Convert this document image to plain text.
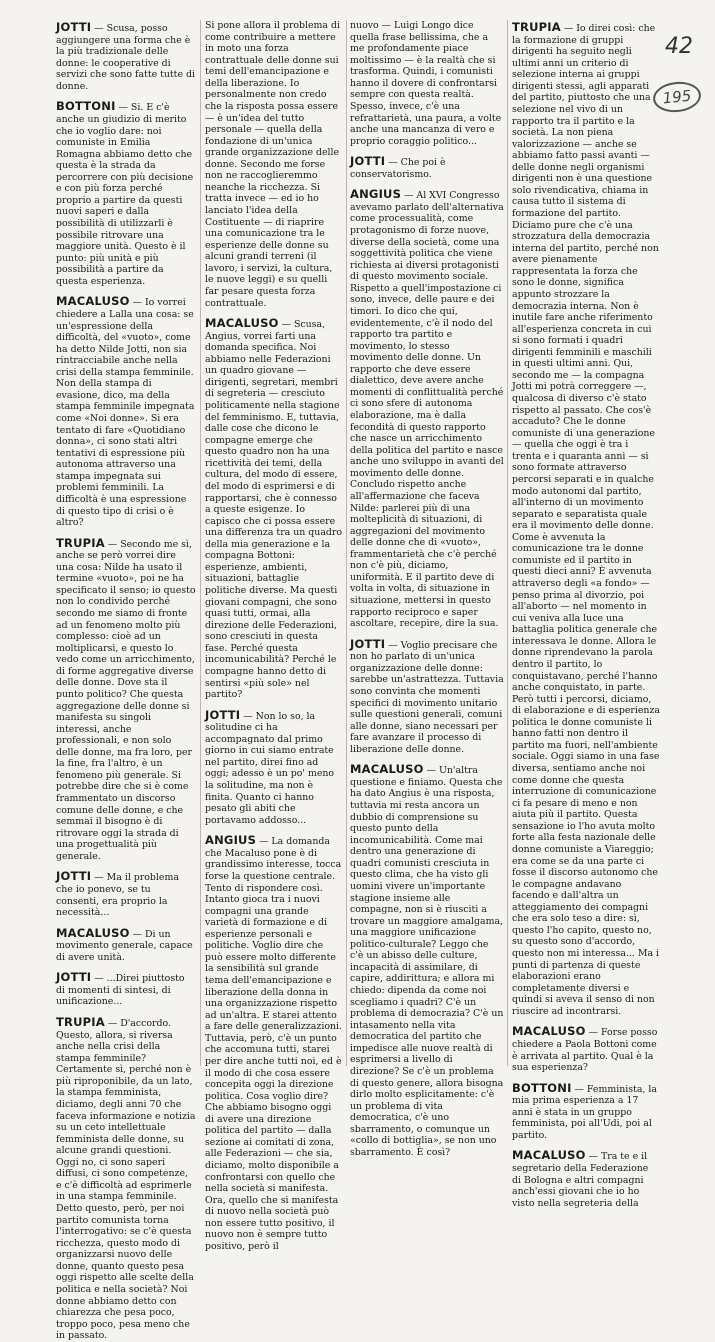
42
195

JOTTI — Scusa, posso aggiungere una forma che è la più tradizionale delle donne: le cooperative di servizi che sono fatte tutte di donne.

BOTTONI — Si. E c'è anche un giudizio di merito che io voglio dare: noi comuniste in Emilia Romagna abbiamo detto che questa è la strada da percorrere con più decisione e con più forza perché proprio a partire da questi nuovi saperi e dalla possibilità di utilizzarli è possibile ritrovare una maggiore unità. Questo è il punto: più unità e più possibilità a partire da questa esperienza.

MACALUSO — Io vorrei chiedere a Lalla una cosa: se un'espressione della difficoltà, del «vuoto», come ha detto Nilde Jotti, non sia rintracciabile anche nella crisi della stampa femminile. Non della stampa di evasione, dico, ma della stampa femminile impegnata come «Noi donne». Si era tentato di fare «Quotidiano donna», ci sono stati altri tentativi di espressione più autonoma attraverso una stampa impegnata sui problemi femminili. La difficoltà è una espressione di questo tipo di crisi o è altro?

TRUPIA — Secondo me sì, anche se però vorrei dire una cosa: Nilde ha usato il termine «vuoto», poi ne ha specificato il senso; io questo non lo condivido perché secondo me siamo di fronte ad un fenomeno molto più complesso: cioè ad un moltiplicarsi, e questo lo vedo come un arricchimento, di forme aggregative diverse delle donne. Dove sta il punto politico? Che questa aggregazione delle donne si manifesta su singoli interessi, anche professionali, e non solo delle donne, ma fra loro, per la fine, fra l'altro, è un fenomeno più generale. Si potrebbe dire che si è come frammentato un discorso comune delle donne, e che semmai il bisogno è di ritrovare oggi la strada di una progettualità più generale.

JOTTI — Ma il problema che io ponevo, se tu consenti, era proprio la necessità...

MACALUSO — Di un movimento generale, capace di avere unità.

JOTTI — ...Direi piuttosto di momenti di sintesi, di unificazione...

TRUPIA — D'accordo. Questo, allora, si riversa anche nella crisi della stampa femminile? Certamente sì, perché non è più riproponibile, da un lato, la stampa femminista, diciamo, degli anni 70 che faceva informazione e notizia su un ceto intellettuale femminista delle donne, su alcune grandi questioni. Oggi no, ci sono saperi diffusi, ci sono competenze, e c'è difficoltà ad esprimerle in una stampa femminile. Detto questo, però, per noi partito comunista torna l'interrogativo: se c'è questa ricchezza, questo modo di organizzarsi nuovo delle donne, quanto questo pesa oggi rispetto alle scelte della politica e nella società? Noi donne abbiamo detto con chiarezza che pesa poco, troppo poco, pesa meno che in passato.

Si pone allora il problema di come contribuire a mettere in moto una forza contrattuale delle donne sui temi dell'emancipazione e della liberazione. Io personalmente non credo che la risposta possa essere — è un'idea del tutto personale — quella della fondazione di un'unica grande organizzazione delle donne. Secondo me forse non ne raccoglieremmo neanche la ricchezza. Si tratta invece — ed io ho lanciato l'idea della Costituente — di riaprire una comunicazione tra le esperienze delle donne su alcuni grandi terreni (il lavoro, i servizi, la cultura, le nuove leggi) e su quelli far pesare questa forza contrattuale.

MACALUSO — Scusa, Angius, vorrei farti una domanda specifica. Noi abbiamo nelle Federazioni un quadro giovane — dirigenti, segretari, membri di segreteria — cresciuto politicamente nella stagione del femminismo. E, tuttavia, dalle cose che dicono le compagne emerge che questo quadro non ha una ricettività dei temi, della cultura, del modo di essere, del modo di esprimersi e di rapportarsi, che è connesso a queste esigenze. Io capisco che ci possa essere una differenza tra un quadro della mia generazione e la compagna Bottoni: esperienze, ambienti, situazioni, battaglie politiche diverse. Ma questi giovani compagni, che sono quasi tutti, ormai, alla direzione delle Federazioni, sono cresciuti in questa fase. Perché questa incomunicabilità? Perché le compagne hanno detto di sentirsi «più sole» nel partito?

JOTTI — Non lo so, la solitudine ci ha accompagnato dal primo giorno in cui siamo entrate nel partito, direi fino ad oggi; adesso è un po' meno la solitudine, ma non è finita. Quanto ci hanno pesato gli abiti che portavamo addosso...

ANGIUS — La domanda che Macaluso pone è di grandissimo interesse, tocca forse la questione centrale. Tento di rispondere così. Intanto gioca tra i nuovi compagni una grande varietà di formazione e di esperienze personali e politiche. Voglio dire che può essere molto differente la sensibilità sul grande tema dell'emancipazione e liberazione della donna in una organizzazione rispetto ad un'altra. E starei attento a fare delle generalizzazioni. Tuttavia, però, c'è un punto che accomuna tutti, starei per dire anche tutti noi, ed è il modo di che cosa essere concepita oggi la direzione politica. Cosa voglio dire? Che abbiamo bisogno oggi di avere una direzione politica del partito — dalla sezione ai comitati di zona, alle Federazioni — che sia, diciamo, molto disponibile a confrontarsi con quello che nella società si manifesta. Ora, quello che si manifesta di nuovo nella società può non essere tutto positivo, il nuovo non è sempre tutto positivo, però il

nuovo — Luigi Longo dice quella frase bellissima, che a me profondamente piace moltissimo — è la realtà che si trasforma. Quindi, i comunisti hanno il dovere di confrontarsi sempre con questa realtà. Spesso, invece, c'è una refrattarietà, una paura, a volte anche una mancanza di vero e proprio coraggio politico...

JOTTI — Che poi è conservatorismo.

ANGIUS — Al XVI Congresso avevamo parlato dell'alternativa come processualità, come protagonismo di forze nuove, diverse della società, come una soggettività politica che viene richiesta ai diversi protagonisti di questo movimento sociale. Rispetto a quell'impostazione ci sono, invece, delle paure e dei timori. Io dico che qui, evidentemente, c'è il nodo del rapporto tra partito e movimento, lo stesso movimento delle donne. Un rapporto che deve essere dialettico, deve avere anche momenti di conflittualità perché ci sono sfere di autonoma elaborazione, ma è dalla fecondità di questo rapporto che nasce un arricchimento della politica del partito e nasce anche uno sviluppo in avanti del movimento delle donne. Concludo rispetto anche all'affermazione che faceva Nilde: parlerei più di una molteplicità di situazioni, di aggregazioni del movimento delle donne che di «vuoto», frammentarietà che c'è perché non c'è più, diciamo, uniformità. E il partito deve di volta in volta, di situazione in situazione, mettersi in questo rapporto reciproco e saper ascoltare, recepire, dire la sua.

JOTTI — Voglio precisare che non ho parlato di un'unica organizzazione delle donne: sarebbe un'astrattezza. Tuttavia sono convinta che momenti specifici di movimento unitario sulle questioni generali, comuni alle donne, siano necessari per fare avanzare il processo di liberazione delle donne.

MACALUSO — Un'altra questione e finiamo. Questa che ha dato Angius è una risposta, tuttavia mi resta ancora un dubbio di comprensione su questo punto della incomunicabilità. Come mai dentro una generazione di quadri comunisti cresciuta in questo clima, che ha visto gli uomini vivere un'importante stagione insieme alle compagne, non si è riusciti a trovare un maggiore amalgama, una maggiore unificazione politico-culturale? Leggo che c'è un abisso delle culture, incapacità di assimilare, di capire, addirittura; e allora mi chiedo: dipenda da come noi scegliamo i quadri? C'è un problema di democrazia? C'è un intasamento nella vita democratica del partito che impedisce alle nuove realtà di esprimersi a livello di direzione? Se c'è un problema di questo genere, allora bisogna dirlo molto esplicitamente: c'è un problema di vita democratica, c'è uno sbarramento, o comunque un «collo di bottiglia», se non uno sbarramento. È così?

TRUPIA — Io direi così: che la formazione di gruppi dirigenti ha seguito negli ultimi anni un criterio di selezione interna ai gruppi dirigenti stessi, agli apparati del partito, piuttosto che una selezione nel vivo di un rapporto tra il partito e la società. La non piena valorizzazione — anche se abbiamo fatto passi avanti — delle donne negli organismi dirigenti non è una questione solo rivendicativa, chiama in causa tutto il sistema di formazione del partito. Diciamo pure che c'è una strozzatura della democrazia interna del partito, perché non avere pienamente rappresentata la forza che sono le donne, significa appunto strozzare la democrazia interna. Non è inutile fare anche riferimento all'esperienza concreta in cui si sono formati i quadri dirigenti femminili e maschili in questi ultimi anni. Qui, secondo me — la compagna Jotti mi potrà correggere —, qualcosa di diverso c'è stato rispetto al passato. Che cos'è accaduto? Che le donne comuniste di una generazione — quella che oggi è tra i trenta e i quaranta anni — si sono formate attraverso percorsi separati e in qualche modo autonomi dal partito, all'interno di un movimento separato e separatista quale era il movimento delle donne. Come è avvenuta la comunicazione tra le donne comuniste ed il partito in questi dieci anni? È avvenuta attraverso degli «a fondo» — penso prima al divorzio, poi all'aborto — nel momento in cui veniva alla luce una battaglia politica generale che interessava le donne. Allora le donne riprendevano la parola dentro il partito, lo conquistavano, perché l'hanno anche conquistato, in parte. Però tutti i percorsi, diciamo, di elaborazione e di esperienza politica le donne comuniste li hanno fatti non dentro il partito ma fuori, nell'ambiente sociale. Oggi siamo in una fase diversa, sentiamo anche noi come donne che questa interruzione di comunicazione ci fa pesare di meno e non aiuta più il partito. Questa sensazione io l'ho avuta molto forte alla festa nazionale delle donne comuniste a Viareggio; era come se da una parte ci fosse il discorso autonomo che le compagne andavano facendo e dall'altra un atteggiamento dei compagni che era solo teso a dire: sì, questo l'ho capito, questo no, su questo sono d'accordo, questo non mi interessa... Ma i punti di partenza di queste elaborazioni erano completamente diversi e quindi si aveva il senso di non riuscire ad incontrarsi.

MACALUSO — Forse posso chiedere a Paola Bottoni come è arrivata al partito. Qual è la sua esperienza?

BOTTONI — Femminista, la mia prima esperienza a 17 anni è stata in un gruppo femminista, poi all'Udi, poi al partito.

MACALUSO — Tra te e il segretario della Federazione di Bologna e altri compagni anch'essi giovani che io ho visto nella segreteria della
